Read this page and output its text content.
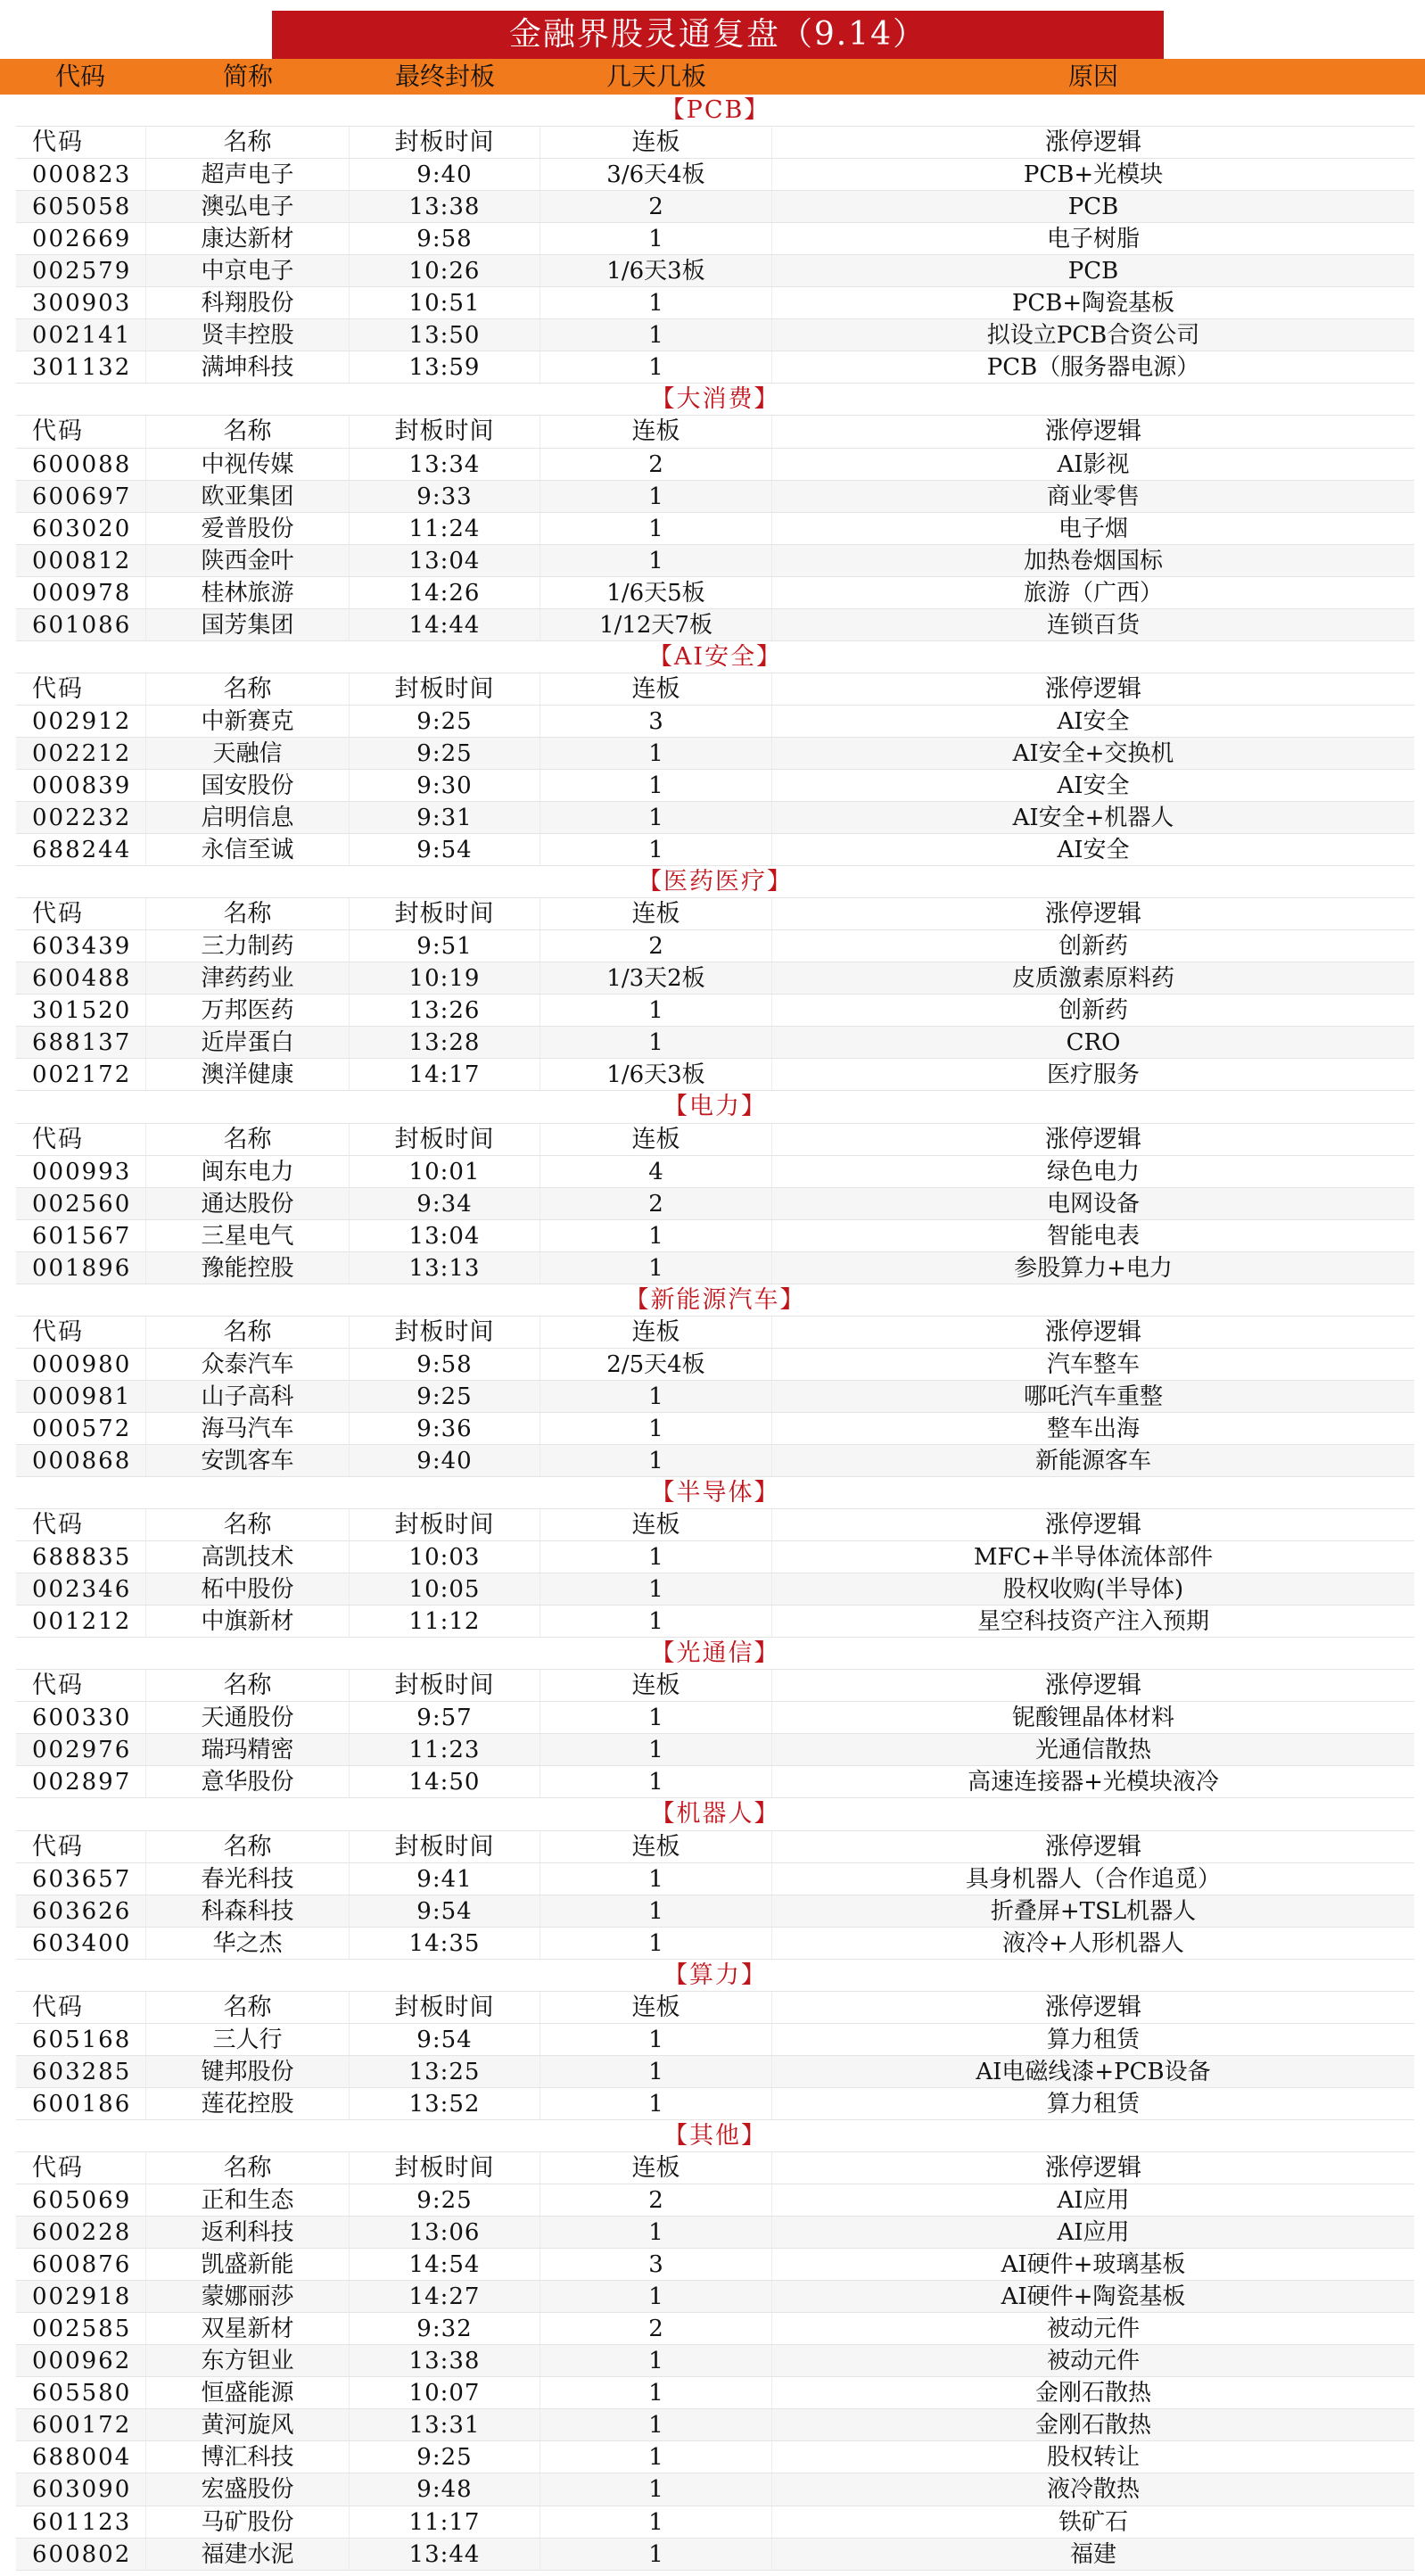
金融界股灵通复盘（9.14）
代码	简称	最终封板	几天几板	原因
【PCB】
代码	名称	封板时间	连板	涨停逻辑
000823	超声电子	9:40	3/6天4板	PCB+光模块
605058	澳弘电子	13:38	2	PCB
002669	康达新材	9:58	1	电子树脂
002579	中京电子	10:26	1/6天3板	PCB
300903	科翔股份	10:51	1	PCB+陶瓷基板
002141	贤丰控股	13:50	1	拟设立PCB合资公司
301132	满坤科技	13:59	1	PCB（服务器电源）
【大消费】
代码	名称	封板时间	连板	涨停逻辑
600088	中视传媒	13:34	2	AI影视
600697	欧亚集团	9:33	1	商业零售
603020	爱普股份	11:24	1	电子烟
000812	陕西金叶	13:04	1	加热卷烟国标
000978	桂林旅游	14:26	1/6天5板	旅游（广西）
601086	国芳集团	14:44	1/12天7板	连锁百货
【AI安全】
代码	名称	封板时间	连板	涨停逻辑
002912	中新赛克	9:25	3	AI安全
002212	天融信	9:25	1	AI安全+交换机
000839	国安股份	9:30	1	AI安全
002232	启明信息	9:31	1	AI安全+机器人
688244	永信至诚	9:54	1	AI安全
【医药医疗】
代码	名称	封板时间	连板	涨停逻辑
603439	三力制药	9:51	2	创新药
600488	津药药业	10:19	1/3天2板	皮质激素原料药
301520	万邦医药	13:26	1	创新药
688137	近岸蛋白	13:28	1	CRO
002172	澳洋健康	14:17	1/6天3板	医疗服务
【电力】
代码	名称	封板时间	连板	涨停逻辑
000993	闽东电力	10:01	4	绿色电力
002560	通达股份	9:34	2	电网设备
601567	三星电气	13:04	1	智能电表
001896	豫能控股	13:13	1	参股算力+电力
【新能源汽车】
代码	名称	封板时间	连板	涨停逻辑
000980	众泰汽车	9:58	2/5天4板	汽车整车
000981	山子高科	9:25	1	哪吒汽车重整
000572	海马汽车	9:36	1	整车出海
000868	安凯客车	9:40	1	新能源客车
【半导体】
代码	名称	封板时间	连板	涨停逻辑
688835	高凯技术	10:03	1	MFC+半导体流体部件
002346	柘中股份	10:05	1	股权收购(半导体)
001212	中旗新材	11:12	1	星空科技资产注入预期
【光通信】
代码	名称	封板时间	连板	涨停逻辑
600330	天通股份	9:57	1	铌酸锂晶体材料
002976	瑞玛精密	11:23	1	光通信散热
002897	意华股份	14:50	1	高速连接器+光模块液冷
【机器人】
代码	名称	封板时间	连板	涨停逻辑
603657	春光科技	9:41	1	具身机器人（合作追觅）
603626	科森科技	9:54	1	折叠屏+TSL机器人
603400	华之杰	14:35	1	液冷+人形机器人
【算力】
代码	名称	封板时间	连板	涨停逻辑
605168	三人行	9:54	1	算力租赁
603285	键邦股份	13:25	1	AI电磁线漆+PCB设备
600186	莲花控股	13:52	1	算力租赁
【其他】
代码	名称	封板时间	连板	涨停逻辑
605069	正和生态	9:25	2	AI应用
600228	返利科技	13:06	1	AI应用
600876	凯盛新能	14:54	3	AI硬件+玻璃基板
002918	蒙娜丽莎	14:27	1	AI硬件+陶瓷基板
002585	双星新材	9:32	2	被动元件
000962	东方钽业	13:38	1	被动元件
605580	恒盛能源	10:07	1	金刚石散热
600172	黄河旋风	13:31	1	金刚石散热
688004	博汇科技	9:25	1	股权转让
603090	宏盛股份	9:48	1	液冷散热
601123	马矿股份	11:17	1	铁矿石
600802	福建水泥	13:44	1	福建
